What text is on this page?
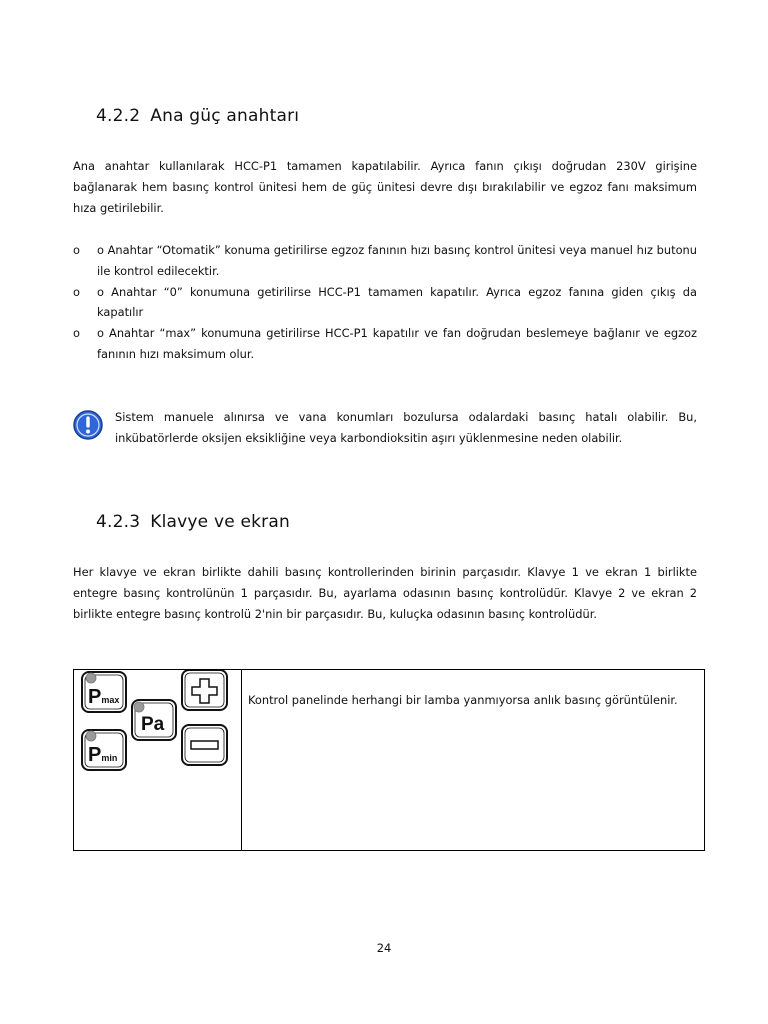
4.2.2 Ana güç anahtarı

Ana anahtar kullanılarak HCC-P1 tamamen kapatılabilir. Ayrıca fanın çıkışı doğrudan 230V girişine bağlanarak hem basınç kontrol ünitesi hem de güç ünitesi devre dışı bırakılabilir ve egzoz fanı maksimum hıza getirilebilir.

o o Anahtar “Otomatik” konuma getirilirse egzoz fanının hızı basınç kontrol ünitesi veya manuel hız butonu ile kontrol edilecektir.
o o Anahtar “0” konumuna getirilirse HCC-P1 tamamen kapatılır. Ayrıca egzoz fanına giden çıkış da kapatılır
o o Anahtar “max” konumuna getirilirse HCC-P1 kapatılır ve fan doğrudan beslemeye bağlanır ve egzoz fanının hızı maksimum olur.

Sistem manuele alınırsa ve vana konumları bozulursa odalardaki basınç hatalı olabilir. Bu, inkübatörlerde oksijen eksikliğine veya karbondioksitin aşırı yüklenmesine neden olabilir.

4.2.3 Klavye ve ekran

Her klavye ve ekran birlikte dahili basınç kontrollerinden birinin parçasıdır. Klavye 1 ve ekran 1 birlikte entegre basınç kontrolünün 1 parçasıdır. Bu, ayarlama odasının basınç kontrolüdür. Klavye 2 ve ekran 2 birlikte entegre basınç kontrolü 2'nin bir parçasıdır. Bu, kuluçka odasının basınç kontrolüdür.

Pmax
Pa
Pmin

Kontrol panelinde herhangi bir lamba yanmıyorsa anlık basınç görüntülenir.

24
